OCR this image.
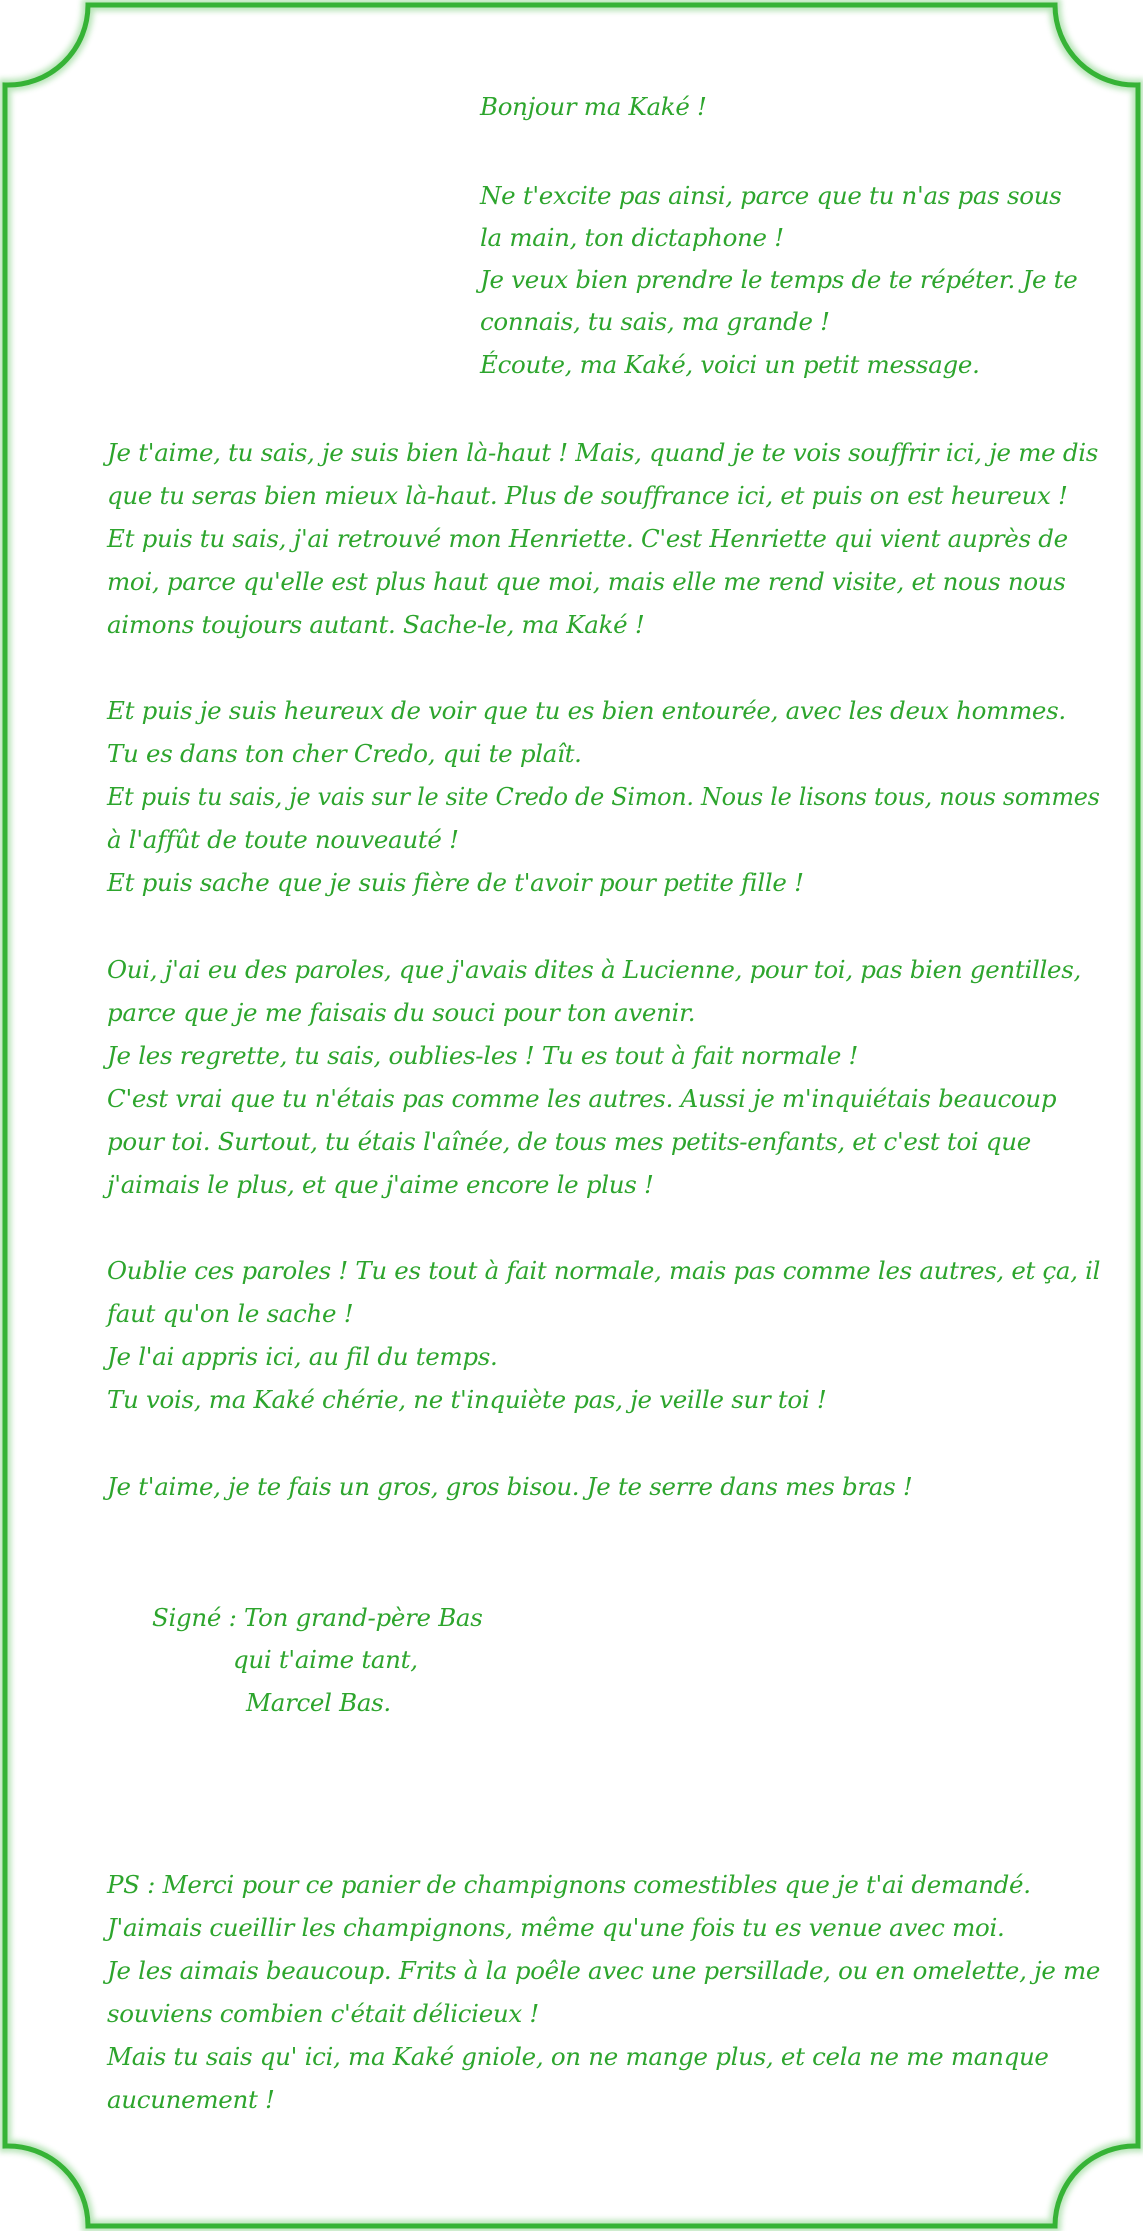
Bonjour ma Kaké !

Ne t'excite pas ainsi, parce que tu n'as pas sous

la main, ton dictaphone !

Je veux bien prendre le temps de te répéter. Je te

connais, tu sais, ma grande !

Écoute, ma Kaké, voici un petit message.

Je t'aime, tu sais, je suis bien là-haut ! Mais, quand je te vois souffrir ici, je me dis

que tu seras bien mieux là-haut. Plus de souffrance ici, et puis on est heureux !

Et puis tu sais, j'ai retrouvé mon Henriette. C'est Henriette qui vient auprès de

moi, parce qu'elle est plus haut que moi, mais elle me rend visite, et nous nous

aimons toujours autant. Sache-le, ma Kaké !

Et puis je suis heureux de voir que tu es bien entourée, avec les deux hommes.

Tu es dans ton cher Credo, qui te plaît.

Et puis tu sais, je vais sur le site Credo de Simon. Nous le lisons tous, nous sommes

à l'affût de toute nouveauté !

Et puis sache que je suis fière de t'avoir pour petite fille !

Oui, j'ai eu des paroles, que j'avais dites à Lucienne, pour toi, pas bien gentilles,

parce que je me faisais du souci pour ton avenir.

Je les regrette, tu sais, oublies-les ! Tu es tout à fait normale !

C'est vrai que tu n'étais pas comme les autres. Aussi je m'inquiétais beaucoup

pour toi. Surtout, tu étais l'aînée, de tous mes petits-enfants, et c'est toi que

j'aimais le plus, et que j'aime encore le plus !

Oublie ces paroles ! Tu es tout à fait normale, mais pas comme les autres, et ça, il

faut qu'on le sache !

Je l'ai appris ici, au fil du temps.

Tu vois, ma Kaké chérie, ne t'inquiète pas, je veille sur toi !

Je t'aime, je te fais un gros, gros bisou. Je te serre dans mes bras !

Signé : Ton grand-père Bas

qui t'aime tant,

Marcel Bas.

PS : Merci pour ce panier de champignons comestibles que je t'ai demandé.

J'aimais cueillir les champignons, même qu'une fois tu es venue avec moi.

Je les aimais beaucoup. Frits à la poêle avec une persillade, ou en omelette, je me

souviens combien c'était délicieux !

Mais tu sais qu' ici, ma Kaké gniole, on ne mange plus, et cela ne me manque

aucunement !
